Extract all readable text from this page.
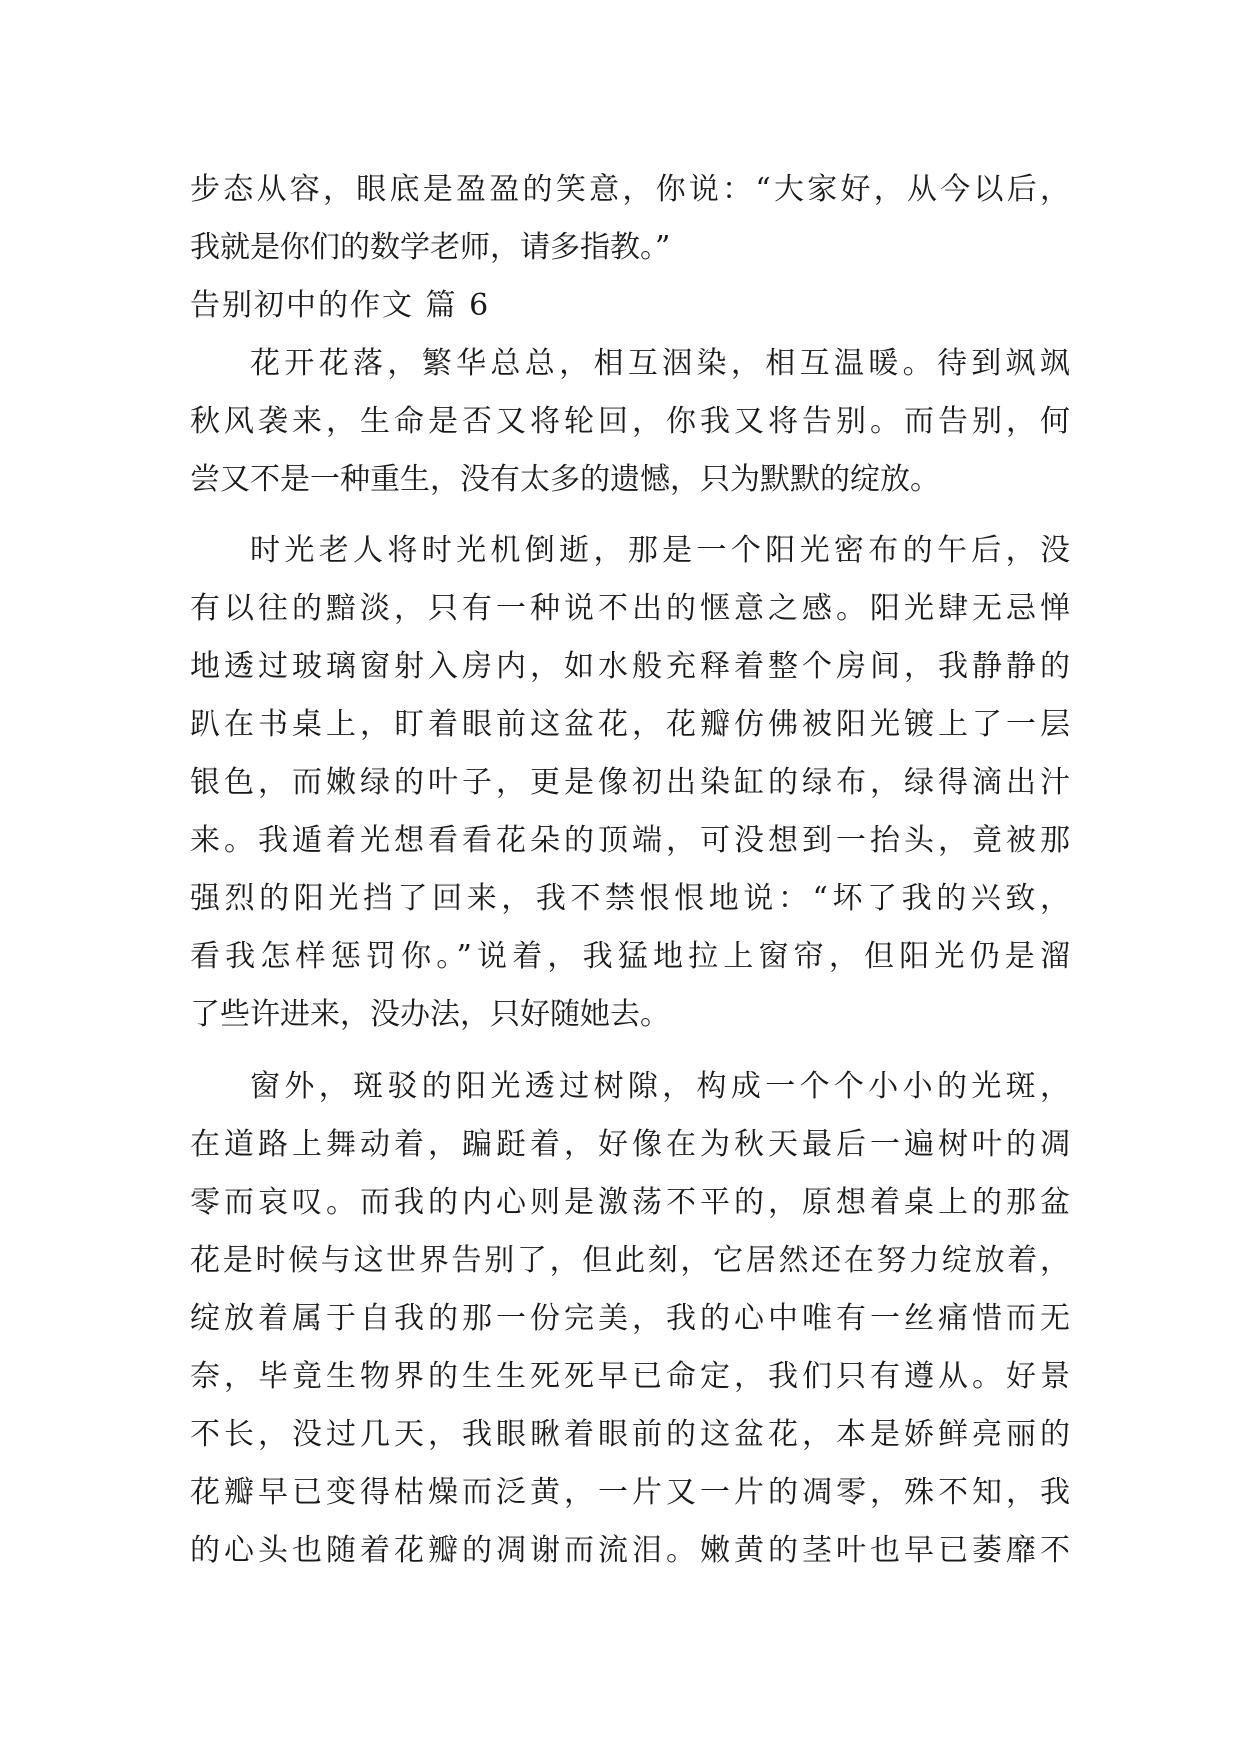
步态从容，眼底是盈盈的笑意，你说：“大家好，从今以后，
我就是你们的数学老师，请多指教。”
告别初中的作文 篇 6
花开花落，繁华总总，相互洇染，相互温暖。待到飒飒
秋风袭来，生命是否又将轮回，你我又将告别。而告别，何
尝又不是一种重生，没有太多的遗憾，只为默默的绽放。
时光老人将时光机倒逝，那是一个阳光密布的午后，没
有以往的黯淡，只有一种说不出的惬意之感。阳光肆无忌惮
地透过玻璃窗射入房内，如水般充释着整个房间，我静静的
趴在书桌上，盯着眼前这盆花，花瓣仿佛被阳光镀上了一层
银色，而嫩绿的叶子，更是像初出染缸的绿布，绿得滴出汁
来。我遁着光想看看花朵的顶端，可没想到一抬头，竟被那
强烈的阳光挡了回来，我不禁恨恨地说：“坏了我的兴致，
看我怎样惩罚你。”说着，我猛地拉上窗帘，但阳光仍是溜
了些许进来，没办法，只好随她去。
窗外，斑驳的阳光透过树隙，构成一个个小小的光斑，
在道路上舞动着，蹁跹着，好像在为秋天最后一遍树叶的凋
零而哀叹。而我的内心则是激荡不平的，原想着桌上的那盆
花是时候与这世界告别了，但此刻，它居然还在努力绽放着，
绽放着属于自我的那一份完美，我的心中唯有一丝痛惜而无
奈，毕竟生物界的生生死死早已命定，我们只有遵从。好景
不长，没过几天，我眼瞅着眼前的这盆花，本是娇鲜亮丽的
花瓣早已变得枯燥而泛黄，一片又一片的凋零，殊不知，我
的心头也随着花瓣的凋谢而流泪。嫩黄的茎叶也早已萎靡不
